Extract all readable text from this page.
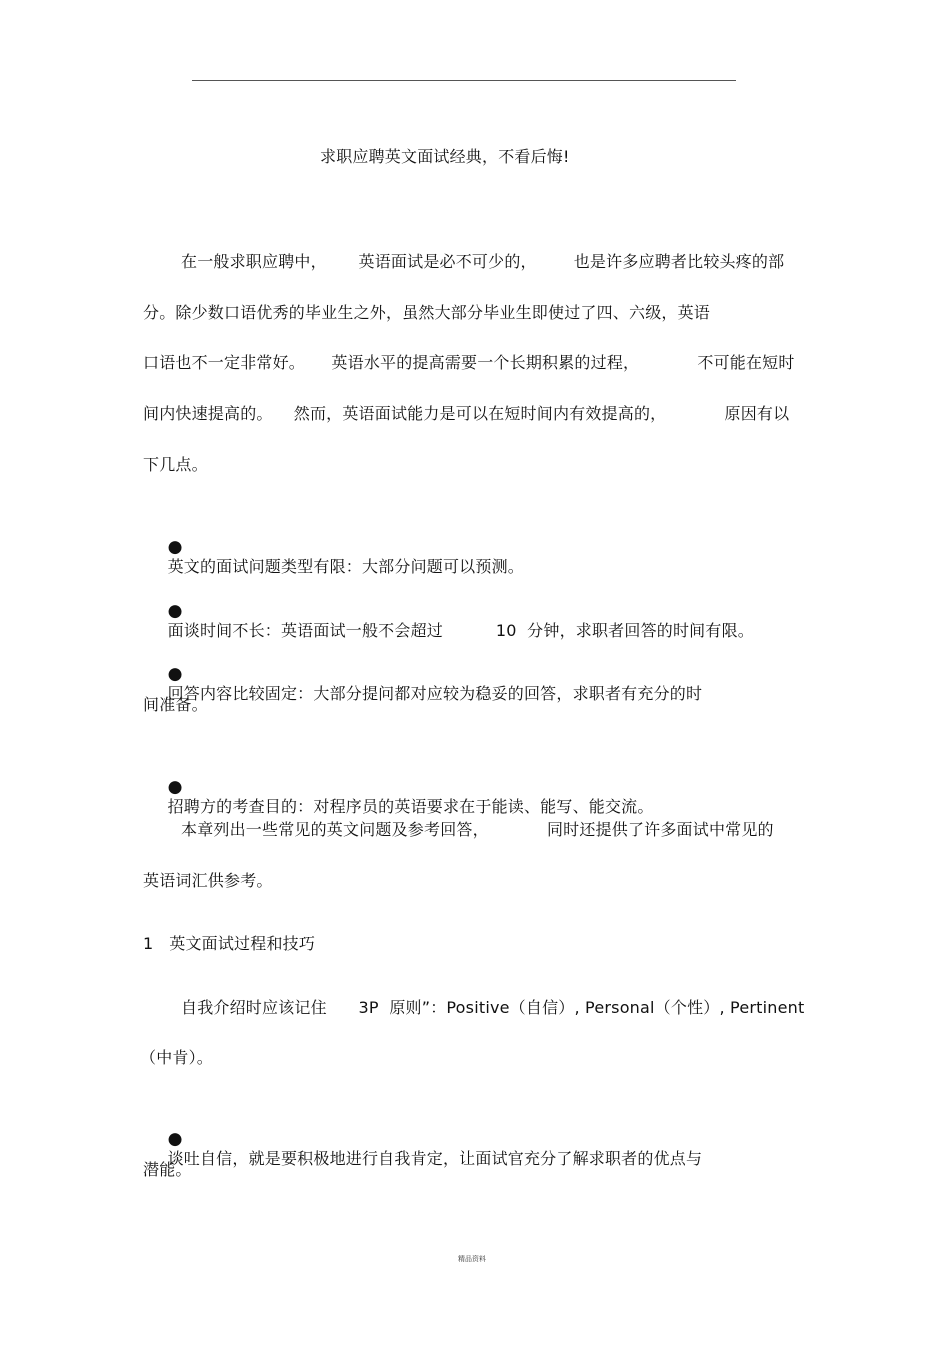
求职应聘英文面试经典，不看后悔!
在一般求职应聘中，      英语面试是必不可少的，       也是许多应聘者比较头疼的部
分。除少数口语优秀的毕业生之外，虽然大部分毕业生即使过了四、六级，英语
口语也不一定非常好。     英语水平的提高需要一个长期积累的过程，           不可能在短时
间内快速提高的。    然而，英语面试能力是可以在短时间内有效提高的，           原因有以
下几点。

●
英文的面试问题类型有限：大部分问题可以预测。

●
面谈时间不长：英语面试一般不会超过          10  分钟，求职者回答的时间有限。

●
回答内容比较固定：大部分提问都对应较为稳妥的回答，求职者有充分的时

间准备。

●
招聘方的考查目的：对程序员的英语要求在于能读、能写、能交流。

本章列出一些常见的英文问题及参考回答，           同时还提供了许多面试中常见的
英语词汇供参考。
1   英文面试过程和技巧
自我介绍时应该记住      3P  原则”：Positive（自信）, Personal（个性）, Pertinent
（中肯）。

●
谈吐自信，就是要积极地进行自我肯定，让面试官充分了解求职者的优点与

潜能。
精品资料
